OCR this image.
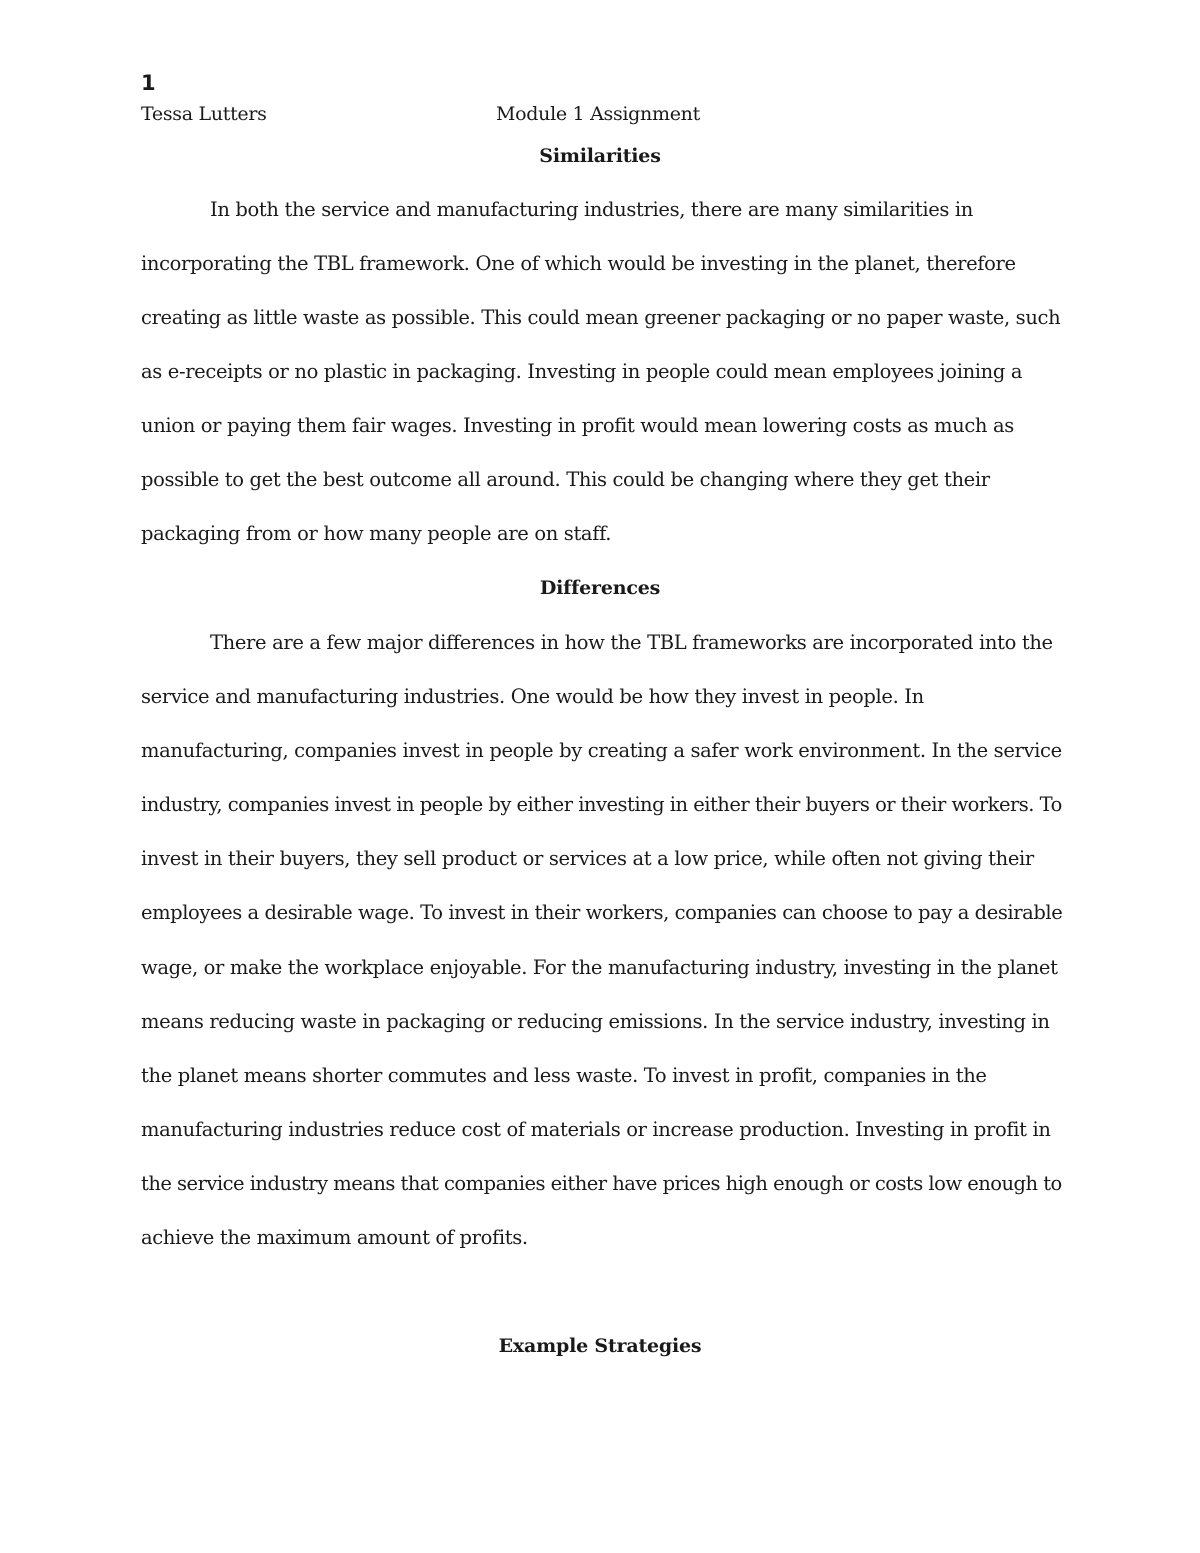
1
Tessa Lutters	Module 1 Assignment
Similarities
In both the service and manufacturing industries, there are many similarities in
incorporating the TBL framework. One of which would be investing in the planet, therefore
creating as little waste as possible. This could mean greener packaging or no paper waste, such
as e-receipts or no plastic in packaging. Investing in people could mean employees joining a
union or paying them fair wages. Investing in profit would mean lowering costs as much as
possible to get the best outcome all around. This could be changing where they get their
packaging from or how many people are on staff.
Differences
There are a few major differences in how the TBL frameworks are incorporated into the
service and manufacturing industries. One would be how they invest in people. In
manufacturing, companies invest in people by creating a safer work environment. In the service
industry, companies invest in people by either investing in either their buyers or their workers. To
invest in their buyers, they sell product or services at a low price, while often not giving their
employees a desirable wage. To invest in their workers, companies can choose to pay a desirable
wage, or make the workplace enjoyable. For the manufacturing industry, investing in the planet
means reducing waste in packaging or reducing emissions. In the service industry, investing in
the planet means shorter commutes and less waste. To invest in profit, companies in the
manufacturing industries reduce cost of materials or increase production. Investing in profit in
the service industry means that companies either have prices high enough or costs low enough to
achieve the maximum amount of profits.
Example Strategies
